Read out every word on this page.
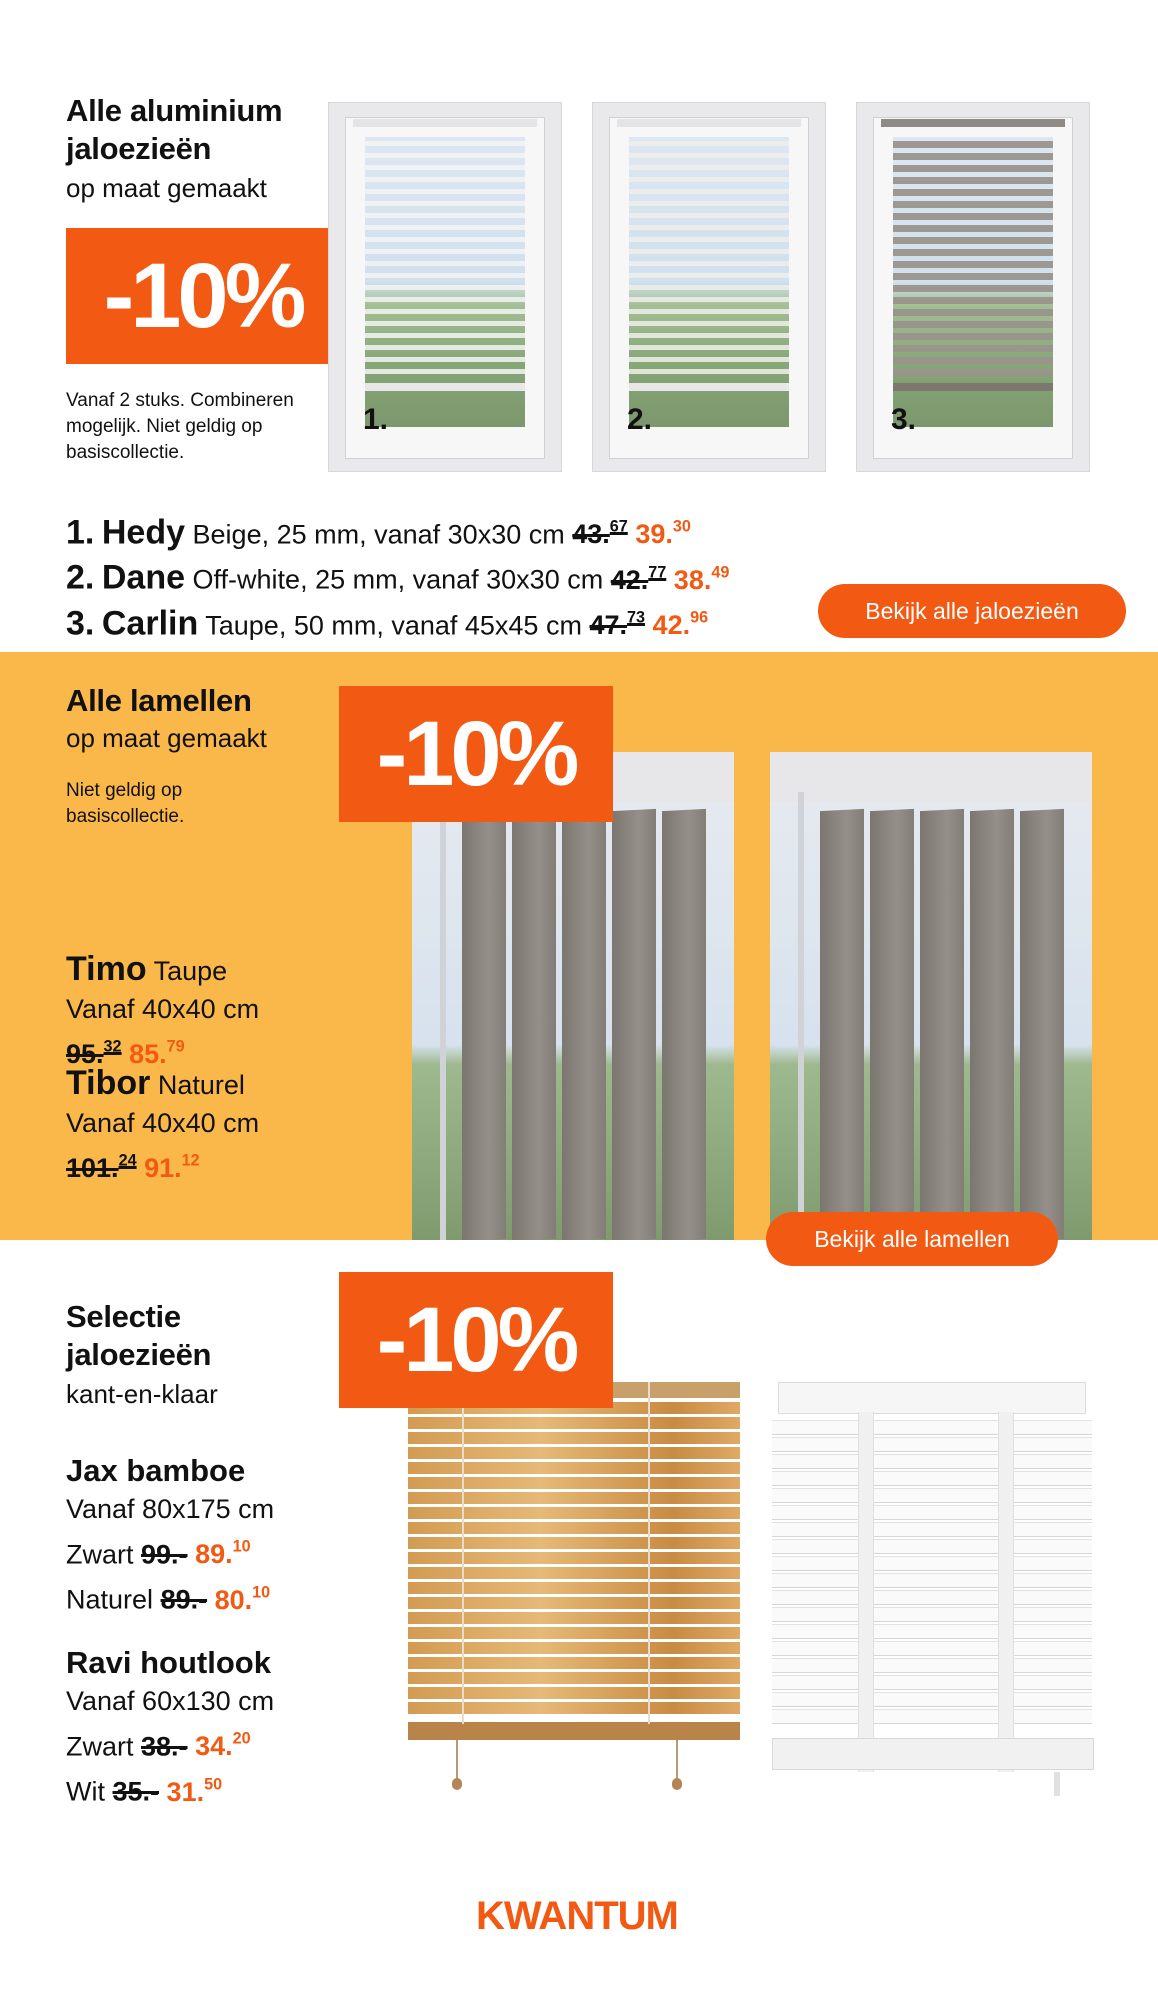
Alle aluminium jaloezieën
op maat gemaakt
-10%
Vanaf 2 stuks. Combineren mogelijk. Niet geldig op basiscollectie.
1.	2.	3.
1. Hedy Beige, 25 mm, vanaf 30x30 cm 43.67 39.30
2. Dane Off-white, 25 mm, vanaf 30x30 cm 42.77 38.49
3. Carlin Taupe, 50 mm, vanaf 45x45 cm 47.73 42.96	Bekijk alle jaloezieën
Alle lamellen
op maat gemaakt
Niet geldig op basiscollectie.
-10%
Timo Taupe
Vanaf 40x40 cm
95.32 85.79
Tibor Naturel
Vanaf 40x40 cm
101.24 91.12
Bekijk alle lamellen
Selectie
jaloezieën
kant-en-klaar
-10%
Jax bamboe
Vanaf 80x175 cm
Zwart 99.- 89.10
Naturel 89.- 80.10
Ravi houtlook
Vanaf 60x130 cm
Zwart 38.- 34.20
Wit 35.- 31.50
KWANTUM
